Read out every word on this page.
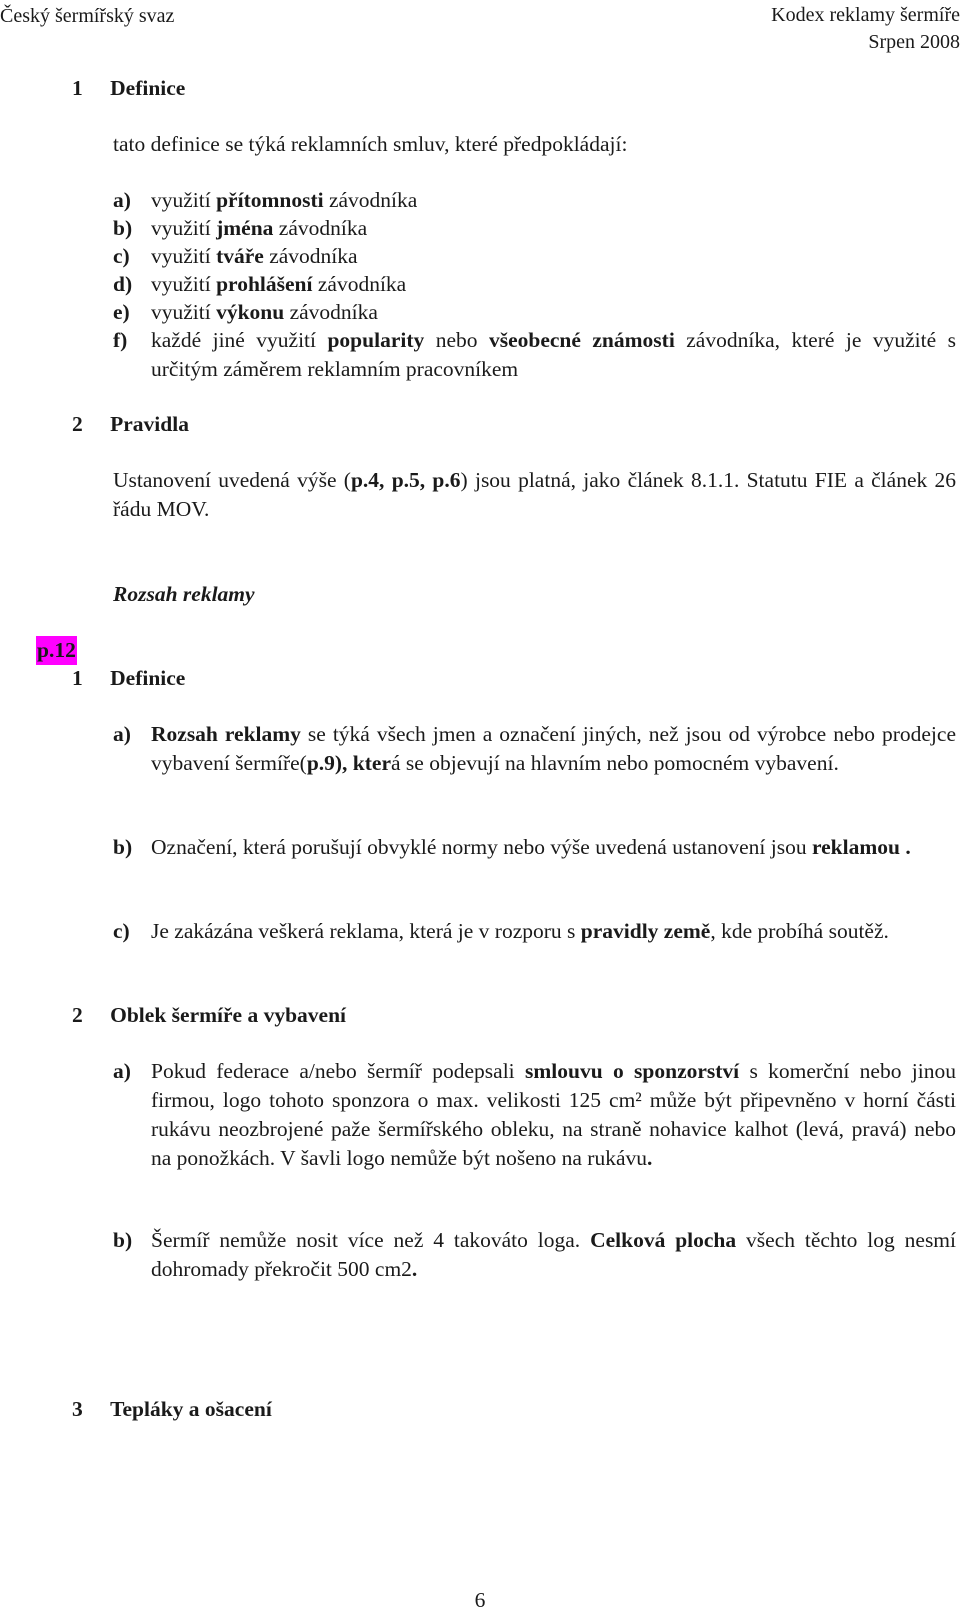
Český šermířský svaz	Kodex reklamy šermíře
Srpen 2008
1 Definice
tato definice se týká reklamních smluv, které předpokládají:
a) využití přítomnosti závodníka
b) využití jména závodníka
c) využití tváře závodníka
d) využití prohlášení závodníka
e) využití výkonu závodníka
f) každé jiné využití popularity nebo všeobecné známosti závodníka, které je využité s určitým záměrem reklamním pracovníkem
2 Pravidla
Ustanovení uvedená výše (p.4, p.5, p.6) jsou platná, jako článek 8.1.1. Statutu FIE a článek 26 řádu MOV.
Rozsah reklamy
p.12
1 Definice
a) Rozsah reklamy se týká všech jmen a označení jiných, než jsou od výrobce nebo prodejce vybavení šermíře(p.9), která se objevují na hlavním nebo pomocném vybavení.
b) Označení, která porušují obvyklé normy nebo výše uvedená ustanovení jsou reklamou .
c) Je zakázána veškerá reklama, která je v rozporu s pravidly země, kde probíhá soutěž.
2 Oblek šermíře a vybavení
a) Pokud federace a/nebo šermíř podepsali smlouvu o sponzorství s komerční nebo jinou firmou, logo tohoto sponzora o max. velikosti 125 cm² může být připevněno v horní části rukávu neozbrojené paže šermířského obleku, na straně nohavice kalhot (levá, pravá) nebo na ponožkách. V šavli logo nemůže být nošeno na rukávu.
b) Šermíř nemůže nosit více než 4 takováto loga. Celková plocha všech těchto log nesmí dohromady překročit 500 cm2.
3 Tepláky a ošacení
6
